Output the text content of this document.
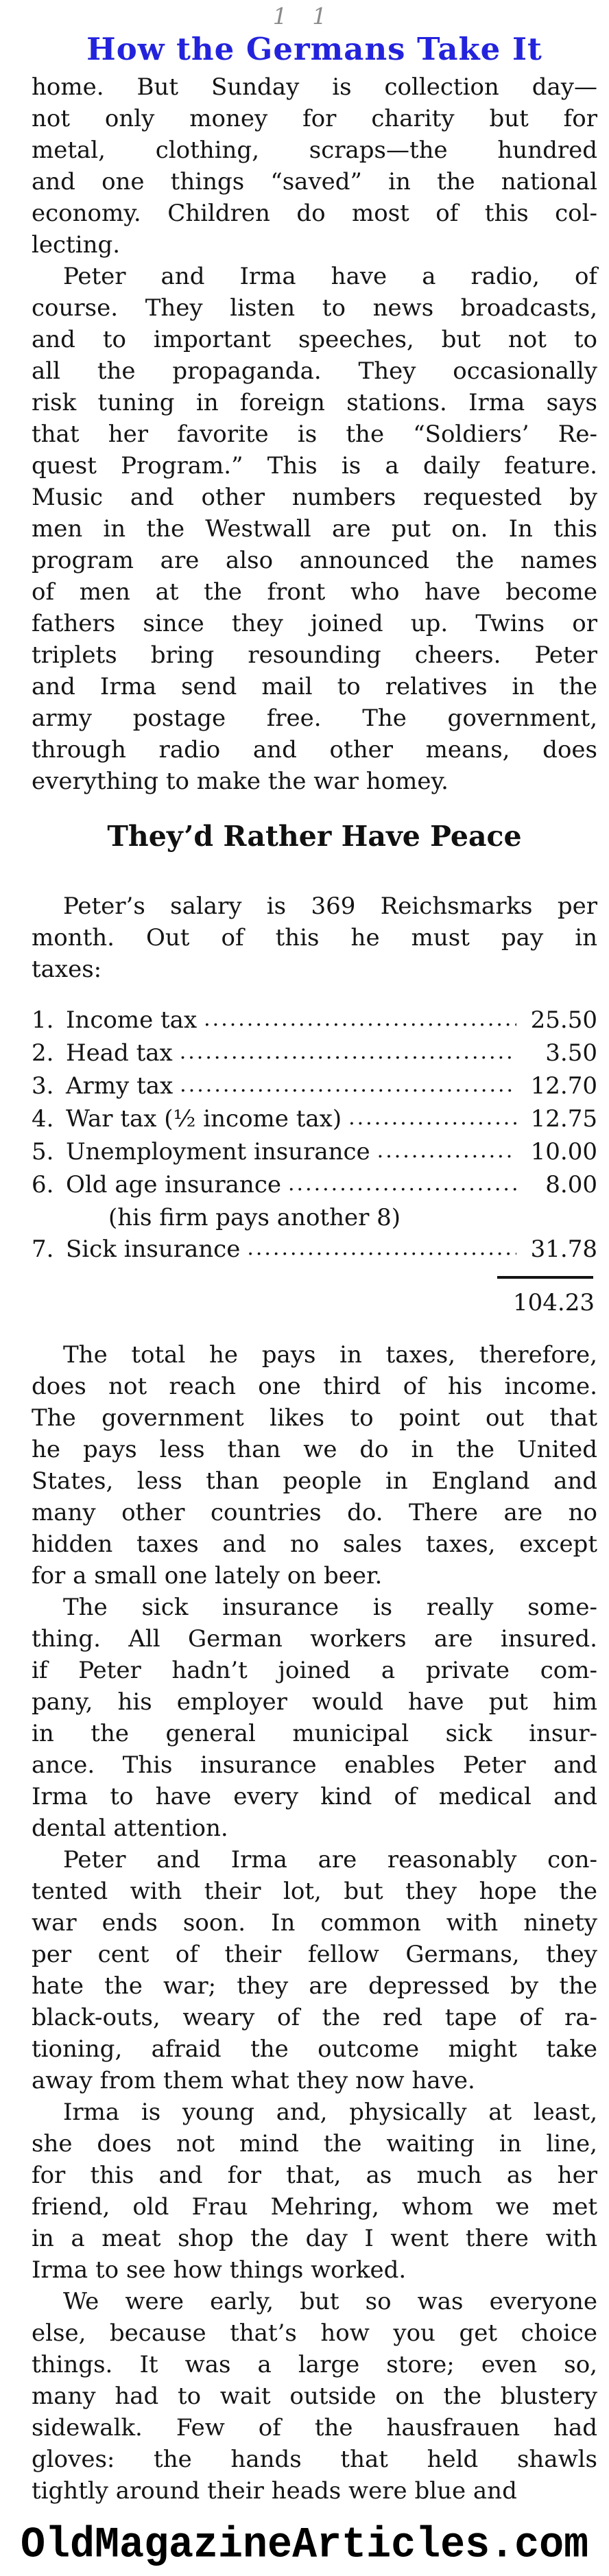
1 1
How the Germans Take It
home. But Sunday is collection day—
not only money for charity but for
metal, clothing, scraps—the hundred
and one things “saved” in the national
economy. Children do most of this col-
lecting.
Peter and Irma have a radio, of
course. They listen to news broadcasts,
and to important speeches, but not to
all the propaganda. They occasionally
risk tuning in foreign stations. Irma says
that her favorite is the “Soldiers’ Re-
quest Program.” This is a daily feature.
Music and other numbers requested by
men in the Westwall are put on. In this
program are also announced the names
of men at the front who have become
fathers since they joined up. Twins or
triplets bring resounding cheers. Peter
and Irma send mail to relatives in the
army postage free. The government,
through radio and other means, does
everything to make the war homey.
They’d Rather Have Peace
Peter’s salary is 369 Reichsmarks per
month. Out of this he must pay in
taxes:
1. Income tax .....	25.50
2. Head tax .....	3.50
3. Army tax .....	12.70
4. War tax (½ income tax) .....	12.75
5. Unemployment insurance .....	10.00
6. Old age insurance .....	8.00
(his firm pays another 8)
7. Sick insurance .....	31.78
104.23
The total he pays in taxes, therefore,
does not reach one third of his income.
The government likes to point out that
he pays less than we do in the United
States, less than people in England and
many other countries do. There are no
hidden taxes and no sales taxes, except
for a small one lately on beer.
The sick insurance is really some-
thing. All German workers are insured.
if Peter hadn’t joined a private com-
pany, his employer would have put him
in the general municipal sick insur-
ance. This insurance enables Peter and
Irma to have every kind of medical and
dental attention.
Peter and Irma are reasonably con-
tented with their lot, but they hope the
war ends soon. In common with ninety
per cent of their fellow Germans, they
hate the war; they are depressed by the
black-outs, weary of the red tape of ra-
tioning, afraid the outcome might take
away from them what they now have.
Irma is young and, physically at least,
she does not mind the waiting in line,
for this and for that, as much as her
friend, old Frau Mehring, whom we met
in a meat shop the day I went there with
Irma to see how things worked.
We were early, but so was everyone
else, because that’s how you get choice
things. It was a large store; even so,
many had to wait outside on the blustery
sidewalk. Few of the hausfrauen had
gloves: the hands that held shawls
tightly around their heads were blue and
OldMagazineArticles.com
